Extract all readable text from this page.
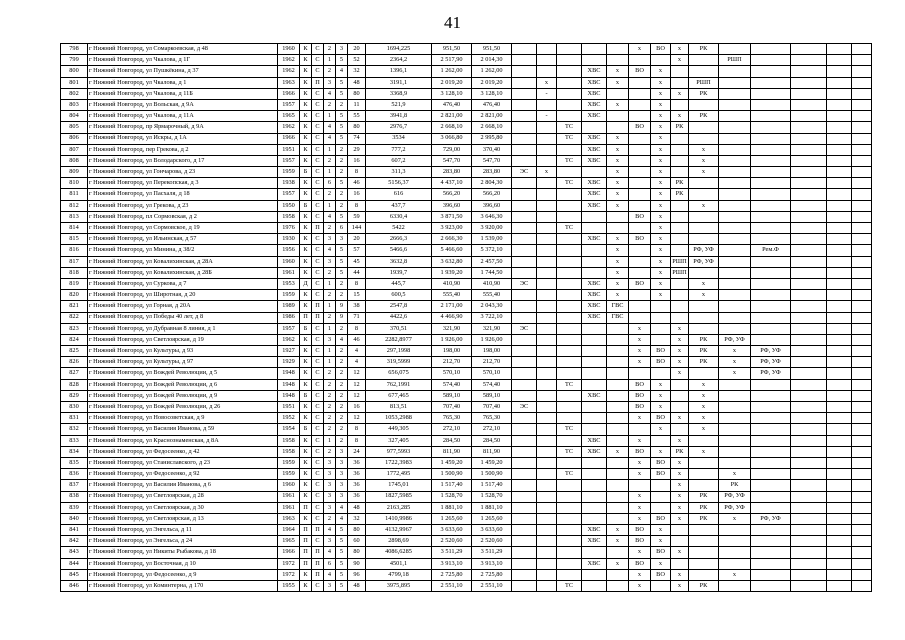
41
798	г Нижний Новгород, ул Сомаркоевская, д 48	1960	К	С	2	3	20	1694,225	951,50	951,50						х	ВО	х	РК					
799	г Нижний Новгород, ул Чкалова, д 1Г	1962	К	С	1	5	52	2364,2	2 517,90	2 014,30								х		РШП				
800	г Нижний Новгород, ул Пушкёкина, д 37	1962	К	С	2	4	32	1396,1	1 262,00	1 262,00				ХВС	х	ВО	х							
801	г Нижний Новгород, ул Чкалова, д 1	1963	К	П	3	5	48	3191,1	2 019,20	2 019,20		х		ХВС	х		х		РШП					
802	г Нижний Новгород, ул Чкалова, д 11Б	1966	К	С	4	5	80	3368,9	3 128,10	3 128,10		-		ХВС			х	х	РК					
803	г Нижний Новгород, ул Вольская, д 9А	1957	К	С	2	2	11	521,9	476,40	476,40				ХВС	х		х							
804	г Нижний Новгород, ул Чкалова, д 11А	1965	К	С	1	5	55	3941,8	2 821,00	2 821,00		-		ХВС			х	х	РК					
805	г Нижний Новгород, пр Ярмарочный, д 9А	1962	К	С	4	5	80	2976,7	2 668,10	2 668,10			ТС			ВО	х	РК						
806	г Нижний Новгород, ул Искры, д 1А	1966	К	С	4	5	74	3534	3 066,80	2 995,80			ТС	ХВС	х		х							
807	г Нижний Новгород, пер Грекова, д 2	1951	К	С	1	2	29	777,2	729,00	370,40				ХВС	х		х		х					
808	г Нижний Новгород, ул Володарского, д 17	1957	К	С	2	2	16	607,2	547,70	547,70			ТС	ХВС	х		х		х					
809	г Нижний Новгород, ул Гончарова, д 23	1959	Б	С	1	2	8	311,3	283,80	283,80	ЭС	х			х		х		х					
810	г Нижний Новгород, ул Перекопская, д 3	1938	К	С	6	5	46	5156,37	4 437,10	2 804,30			ТС	ХВС	х		х	РК						
811	г Нижний Новгород, ул Пасхаля, д 18	1957	К	С	2	2	16	616	566,20	566,20				ХВС	х		х	РК						
812	г Нижний Новгород, ул Грекова, д 23	1950	Б	С	1	2	8	437,7	396,60	396,60				ХВС	х		х		х					
813	г Нижний Новгород, пл Сормовская, д 2	1958	К	С	4	5	59	6330,4	3 871,50	3 646,30						ВО	х							
814	г Нижний Новгород, ул Сормовское, д 19	1976	К	П	2	6	144	5422	3 923,00	3 920,00			ТС				х							
815	г Нижний Новгород, ул Ильинская, д 57	1930	К	С	3	3	20	2666,3	2 666,30	1 539,00				ХВС	х	ВО	х							
816	г Нижний Новгород, ул Минина, д 38/2	1956	К	С	4	5	57	5466,6	5 466,60	5 372,10					х		х		РФ, УФ		Рем.Ф			
817	г Нижний Новгород, ул Ковалихинская, д 28А	1960	К	С	3	5	45	3632,8	3 632,80	2 457,50					х		х	РШП	РФ, УФ					
818	г Нижний Новгород, ул Ковалихинская, д 28Б	1961	К	С	2	5	44	1939,7	1 939,20	1 744,50					х		х	РШП						
819	г Нижний Новгород, ул Суркова, д 7	1953	Д	С	1	2	8	445,7	410,90	410,90	ЭС			ХВС	х	ВО	х		х					
820	г Нижний Новгород, ул Широтная, д 20	1959	К	С	2	2	15	600,5	555,40	555,40				ХВС	х		х		х					
821	г Нижний Новгород, ул Горная, д 20А	1989	К	П	1	9	38	2547,8	2 171,00	2 043,30				ХВС	ГВС									
822	г Нижний Новгород, ул Победы 40 лет, д 8	1986	П	П	2	9	71	4422,6	4 466,90	3 722,10				ХВС	ГВС									
823	г Нижний Новгород, ул Дубравная 8 линия, д 1	1957	Б	С	1	2	8	370,51	321,90	321,90	ЭС					х		х						
824	г Нижний Новгород, ул Светлоярская, д 19	1962	К	С	3	4	46	2282,8977	1 926,00	1 926,00						х		х	РК	РФ, УФ				
825	г Нижний Новгород, ул Культуры, д 93	1927	К	С	1	2	4	297,1998	198,00	198,00						х	ВО	х	РК	х	РФ, УФ			
826	г Нижний Новгород, ул Культуры, д 97	1929	К	С	1	2	4	319,5999	212,70	212,70						х	ВО	х	РК	х	РФ, УФ			
827	г Нижний Новгород, ул Вождей Революции, д 5	1948	К	С	2	2	12	656,075	570,10	570,10								х		х	РФ, УФ			
828	г Нижний Новгород, ул Вождей Революции, д 6	1948	К	С	2	2	12	762,1991	574,40	574,40			ТС			ВО	х		х					
829	г Нижний Новгород, ул Вождей Революции, д 9	1948	Б	С	2	2	12	677,465	589,10	589,10				ХВС		ВО	х		х					
830	г Нижний Новгород, ул Вождей Революции, д 26	1951	К	С	2	2	16	813,51	707,40	707,40	ЭС					ВО	х		х					
831	г Нижний Новгород, ул Новосоветская, д 9	1952	К	С	2	2	12	1053,2988	765,30	765,30						х	ВО	х	х					
832	г Нижний Новгород, ул Василия Иванова, д 59	1954	Б	С	2	2	8	449,305	272,10	272,10			ТС				х		х					
833	г Нижний Новгород, ул Краснознаменская, д 8А	1958	К	С	1	2	8	327,405	284,50	284,50				ХВС		х		х						
834	г Нижний Новгород, ул Федосеенко, д 42	1958	К	С	2	3	24	977,5993	811,90	811,90			ТС	ХВС	х	ВО	х	РК	х					
835	г Нижний Новгород, ул Станиславского, д 23	1959	К	С	3	3	36	1722,3983	1 459,20	1 459,20						х	ВО	х						
836	г Нижний Новгород, ул Федосеенко, д 92	1959	К	С	3	3	36	1772,495	1 500,90	1 500,90			ТС			х	ВО	х		х				
837	г Нижний Новгород, ул Василия Иванова, д 6	1960	К	С	3	3	36	1745,01	1 517,40	1 517,40								х		РК				
838	г Нижний Новгород, ул Светлоярская, д 28	1961	К	С	3	3	36	1827,5985	1 528,70	1 528,70						х		х	РК	РФ, УФ				
839	г Нижний Новгород, ул Светлоярская, д 30	1961	П	С	3	4	48	2163,285	1 881,10	1 881,10						х		х	РК	РФ, УФ				
840	г Нижний Новгород, ул Светлоярская, д 13	1963	К	С	2	4	32	1410,9986	1 265,60	1 265,60						х	ВО	х	РК	х	РФ, УФ			
841	г Нижний Новгород, ул Энгельса, д 11	1964	П	П	4	5	80	4132,9967	3 633,60	3 633,60				ХВС	х	ВО	х							
842	г Нижний Новгород, ул Энгельса, д 24	1965	П	С	3	5	60	2898,69	2 520,60	2 520,60				ХВС	х	ВО	х							
843	г Нижний Новгород, ул Никиты Рыбакова, д 18	1966	П	П	4	5	80	4086,6285	3 511,29	3 511,29						х	ВО	х						
844	г Нижний Новгород, ул Восточная, д 10	1972	П	П	6	5	90	4501,1	3 913,10	3 913,10				ХВС	х	ВО	х							
845	г Нижний Новгород, ул Федосеенко, д 9	1972	К	П	4	5	96	4799,18	2 725,80	2 725,80						х	ВО	х		х				
846	г Нижний Новгород, ул Коминтерна, д 170	1955	К	С	3	5	48	3975,895	2 551,10	2 551,10			ТС			х		х	РК					
